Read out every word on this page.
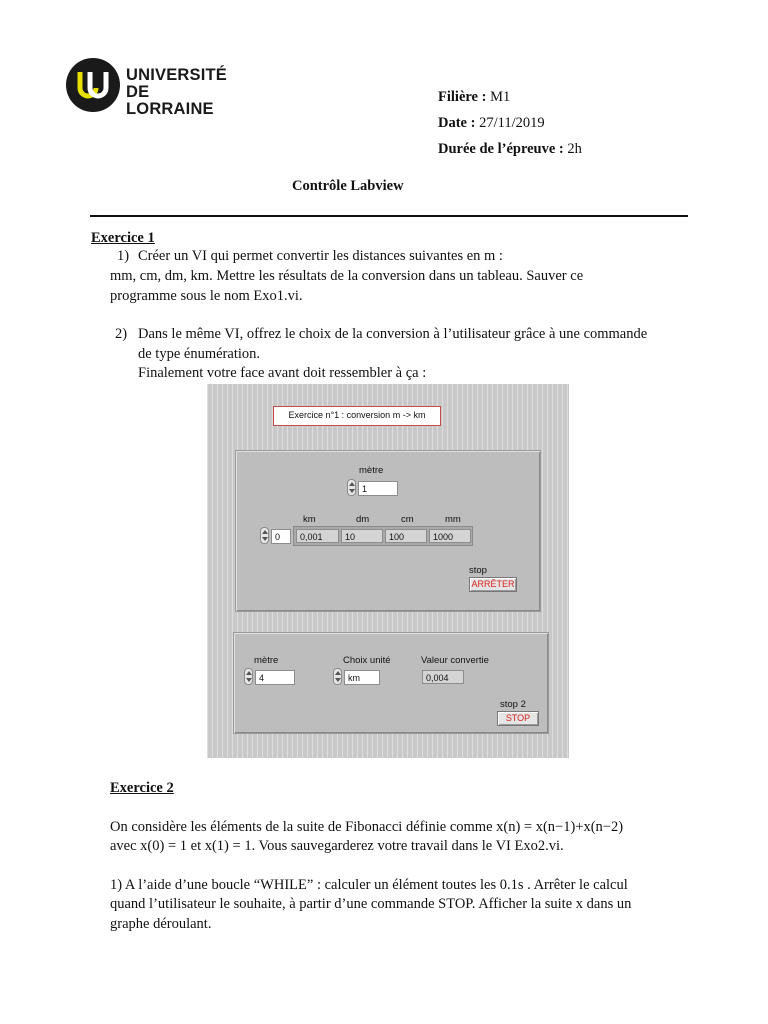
UNIVERSITÉ
DE LORRAINE
Filière : M1
Date : 27/11/2019
Durée de l’épreuve : 2h
Contrôle Labview
Exercice 1
1) Créer un VI qui permet convertir les distances suivantes en m :
mm, cm, dm, km. Mettre les résultats de la conversion dans un tableau. Sauver ce
programme sous le nom Exo1.vi.
2) Dans le même VI, offrez le choix de la conversion à l’utilisateur grâce à une commande
de type énumération.
Finalement votre face avant doit ressembler à ça :
Exercice n°1 : conversion m -> km
mètre
1
km	dm	cm	mm
0	0,001	10	100	1000
stop
ARRÊTER
mètre
4
Choix unité
km
Valeur convertie
0,004
stop 2
STOP
Exercice 2
On considère les éléments de la suite de Fibonacci définie comme x(n) = x(n−1)+x(n−2)
avec x(0) = 1 et x(1) = 1. Vous sauvegarderez votre travail dans le VI Exo2.vi.
1) A l’aide d’une boucle “WHILE” : calculer un élément toutes les 0.1s . Arrêter le calcul
quand l’utilisateur le souhaite, à partir d’une commande STOP. Afficher la suite x dans un
graphe déroulant.
